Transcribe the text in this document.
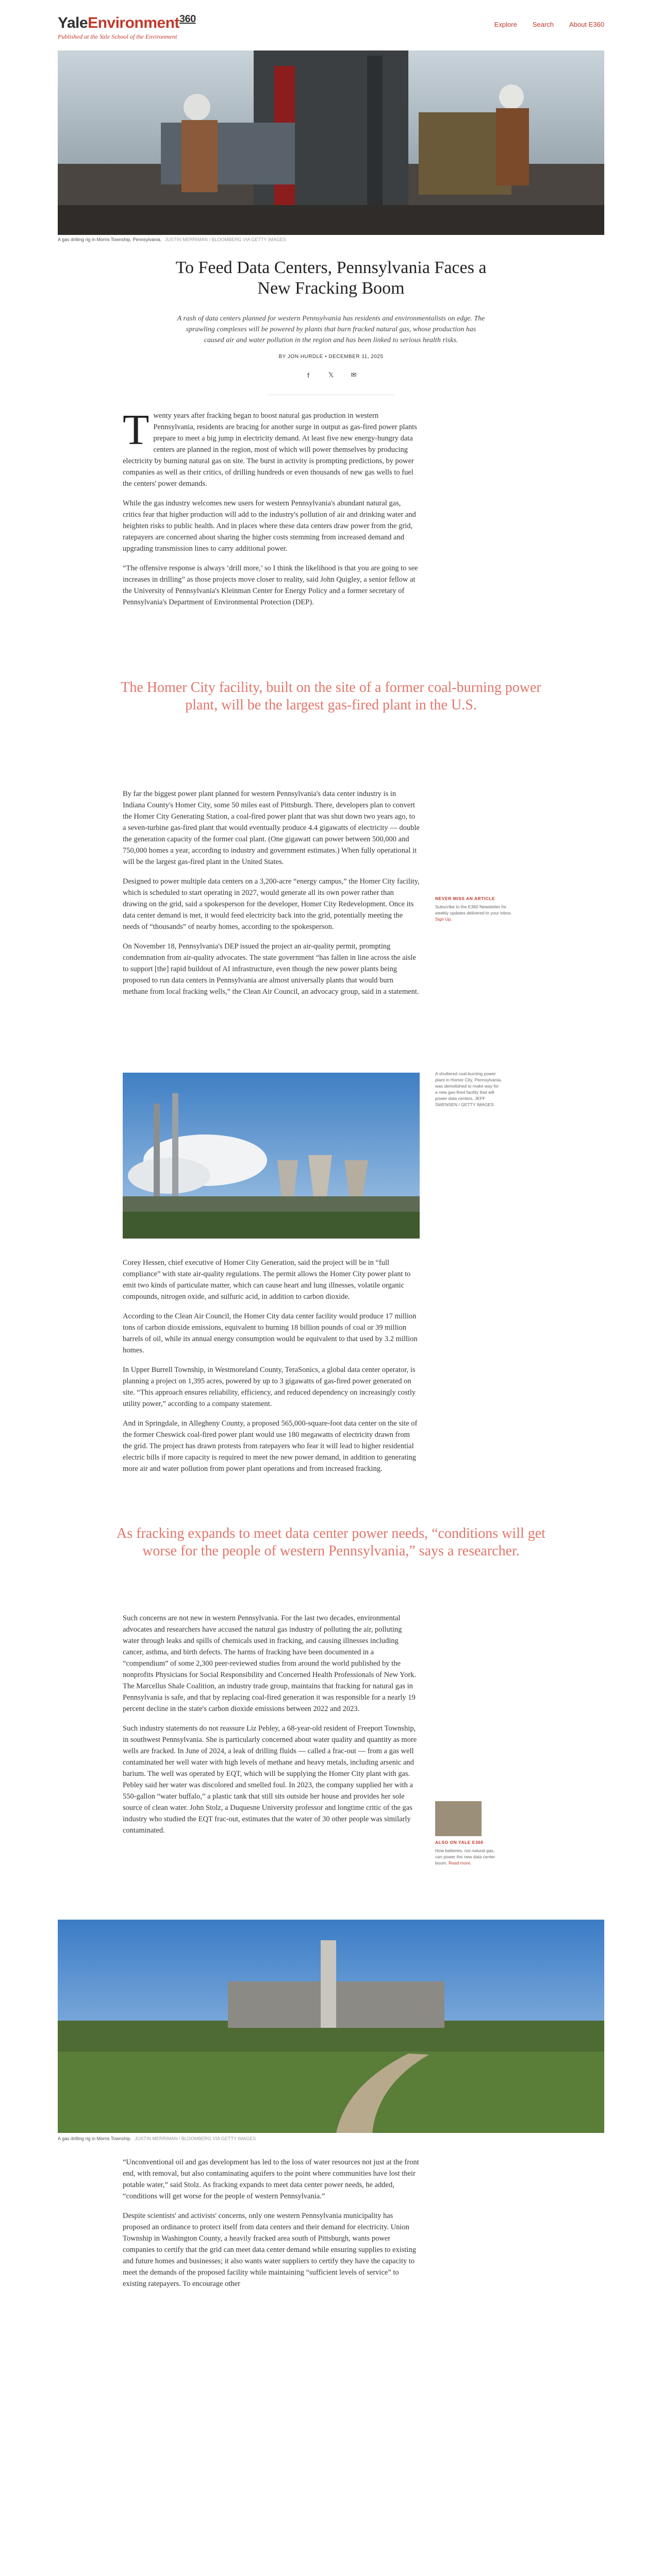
YaleEnvironment$^{360}$
Published at the Yale School of the Environment
Explore Search About E360
A gas drilling rig in Morris Township, Pennsylvania. JUSTIN MERRIMAN / BLOOMBERG VIA GETTY IMAGES
To Feed Data Centers, Pennsylvania Faces a New Fracking Boom

A rash of data centers planned for western Pennsylvania has residents and environmentalists on edge. The sprawling complexes will be powered by plants that burn fracked natural gas, whose production has caused air and water pollution in the region and has been linked to serious health risks.

BY JON HURDLE • DECEMBER 11, 2025

f	𝕏	✉

Twenty years after fracking began to boost natural gas production in western Pennsylvania, residents are bracing for another surge in output as gas-fired power plants prepare to meet a big jump in electricity demand. At least five new energy-hungry data centers are planned in the region, most of which will power themselves by producing electricity by burning natural gas on site. The burst in activity is prompting predictions, by power companies as well as their critics, of drilling hundreds or even thousands of new gas wells to fuel the centers' power demands.

While the gas industry welcomes new users for western Pennsylvania's abundant natural gas, critics fear that higher production will add to the industry's pollution of air and drinking water and heighten risks to public health. And in places where these data centers draw power from the grid, ratepayers are concerned about sharing the higher costs stemming from increased demand and upgrading transmission lines to carry additional power.

“The offensive response is always ‘drill more,’ so I think the likelihood is that you are going to see increases in drilling” as those projects move closer to reality, said John Quigley, a senior fellow at the University of Pennsylvania's Kleinman Center for Energy Policy and a former secretary of Pennsylvania's Department of Environmental Protection (DEP).

The Homer City facility, built on the site of a former coal-burning power plant, will be the largest gas-fired plant in the U.S.

By far the biggest power plant planned for western Pennsylvania's data center industry is in Indiana County's Homer City, some 50 miles east of Pittsburgh. There, developers plan to convert the Homer City Generating Station, a coal-fired power plant that was shut down two years ago, to a seven-turbine gas-fired plant that would eventually produce 4.4 gigawatts of electricity — double the generation capacity of the former coal plant. (One gigawatt can power between 500,000 and 750,000 homes a year, according to industry and government estimates.) When fully operational it will be the largest gas-fired plant in the United States.

Designed to power multiple data centers on a 3,200-acre “energy campus,” the Homer City facility, which is scheduled to start operating in 2027, would generate all its own power rather than drawing on the grid, said a spokesperson for the developer, Homer City Redevelopment. Once its data center demand is met, it would feed electricity back into the grid, potentially meeting the needs of “thousands” of nearby homes, according to the spokesperson.

On November 18, Pennsylvania's DEP issued the project an air-quality permit, prompting condemnation from air-quality advocates. The state government “has fallen in line across the aisle to support [the] rapid buildout of AI infrastructure, even though the new power plants being proposed to run data centers in Pennsylvania are almost universally plants that would burn methane from local fracking wells,” the Clean Air Council, an advocacy group, said in a statement.

NEVER MISS AN ARTICLE
Subscribe to the E360 Newsletter for weekly updates delivered to your inbox. Sign Up.
A shuttered coal-burning power plant in Homer City, Pennsylvania, was demolished to make way for a new gas-fired facility that will power data centers. JEFF SWENSEN / GETTY IMAGES

Corey Hessen, chief executive of Homer City Generation, said the project will be in “full compliance” with state air-quality regulations. The permit allows the Homer City power plant to emit two kinds of particulate matter, which can cause heart and lung illnesses, volatile organic compounds, nitrogen oxide, and sulfuric acid, in addition to carbon dioxide.

According to the Clean Air Council, the Homer City data center facility would produce 17 million tons of carbon dioxide emissions, equivalent to burning 18 billion pounds of coal or 39 million barrels of oil, while its annual energy consumption would be equivalent to that used by 3.2 million homes.

In Upper Burrell Township, in Westmoreland County, TeraSonics, a global data center operator, is planning a project on 1,395 acres, powered by up to 3 gigawatts of gas-fired power generated on site. “This approach ensures reliability, efficiency, and reduced dependency on increasingly costly utility power,” according to a company statement.

And in Springdale, in Allegheny County, a proposed 565,000-square-foot data center on the site of the former Cheswick coal-fired power plant would use 180 megawatts of electricity drawn from the grid. The project has drawn protests from ratepayers who fear it will lead to higher residential electric bills if more capacity is required to meet the new power demand, in addition to generating more air and water pollution from power plant operations and from increased fracking.

As fracking expands to meet data center power needs, “conditions will get worse for the people of western Pennsylvania,” says a researcher.

Such concerns are not new in western Pennsylvania. For the last two decades, environmental advocates and researchers have accused the natural gas industry of polluting the air, polluting water through leaks and spills of chemicals used in fracking, and causing illnesses including cancer, asthma, and birth defects. The harms of fracking have been documented in a “compendium” of some 2,300 peer-reviewed studies from around the world published by the nonprofits Physicians for Social Responsibility and Concerned Health Professionals of New York. The Marcellus Shale Coalition, an industry trade group, maintains that fracking for natural gas in Pennsylvania is safe, and that by replacing coal-fired generation it was responsible for a nearly 19 percent decline in the state's carbon dioxide emissions between 2022 and 2023.

Such industry statements do not reassure Liz Pebley, a 68-year-old resident of Freeport Township, in southwest Pennsylvania. She is particularly concerned about water quality and quantity as more wells are fracked. In June of 2024, a leak of drilling fluids — called a frac-out — from a gas well contaminated her well water with high levels of methane and heavy metals, including arsenic and barium. The well was operated by EQT, which will be supplying the Homer City plant with gas. Pebley said her water was discolored and smelled foul. In 2023, the company supplied her with a 550-gallon “water buffalo,” a plastic tank that still sits outside her house and provides her sole source of clean water. John Stolz, a Duquesne University professor and longtime critic of the gas industry who studied the EQT frac-out, estimates that the water of 30 other people was similarly contaminated.

ALSO ON YALE E360
How batteries, not natural gas, can power the new data center boom. Read more.
A gas drilling rig in Morris Township. JUSTIN MERRIMAN / BLOOMBERG VIA GETTY IMAGES

“Unconventional oil and gas development has led to the loss of water resources not just at the front end, with removal, but also contaminating aquifers to the point where communities have lost their potable water,” said Stolz. As fracking expands to meet data center power needs, he added, “conditions will get worse for the people of western Pennsylvania.”

Despite scientists' and activists' concerns, only one western Pennsylvania municipality has proposed an ordinance to protect itself from data centers and their demand for electricity. Union Township in Washington County, a heavily fracked area south of Pittsburgh, wants power companies to certify that the grid can meet data center demand while ensuring supplies to existing and future homes and businesses; it also wants water suppliers to certify they have the capacity to meet the demands of the proposed facility while maintaining “sufficient levels of service” to existing ratepayers. To encourage other
